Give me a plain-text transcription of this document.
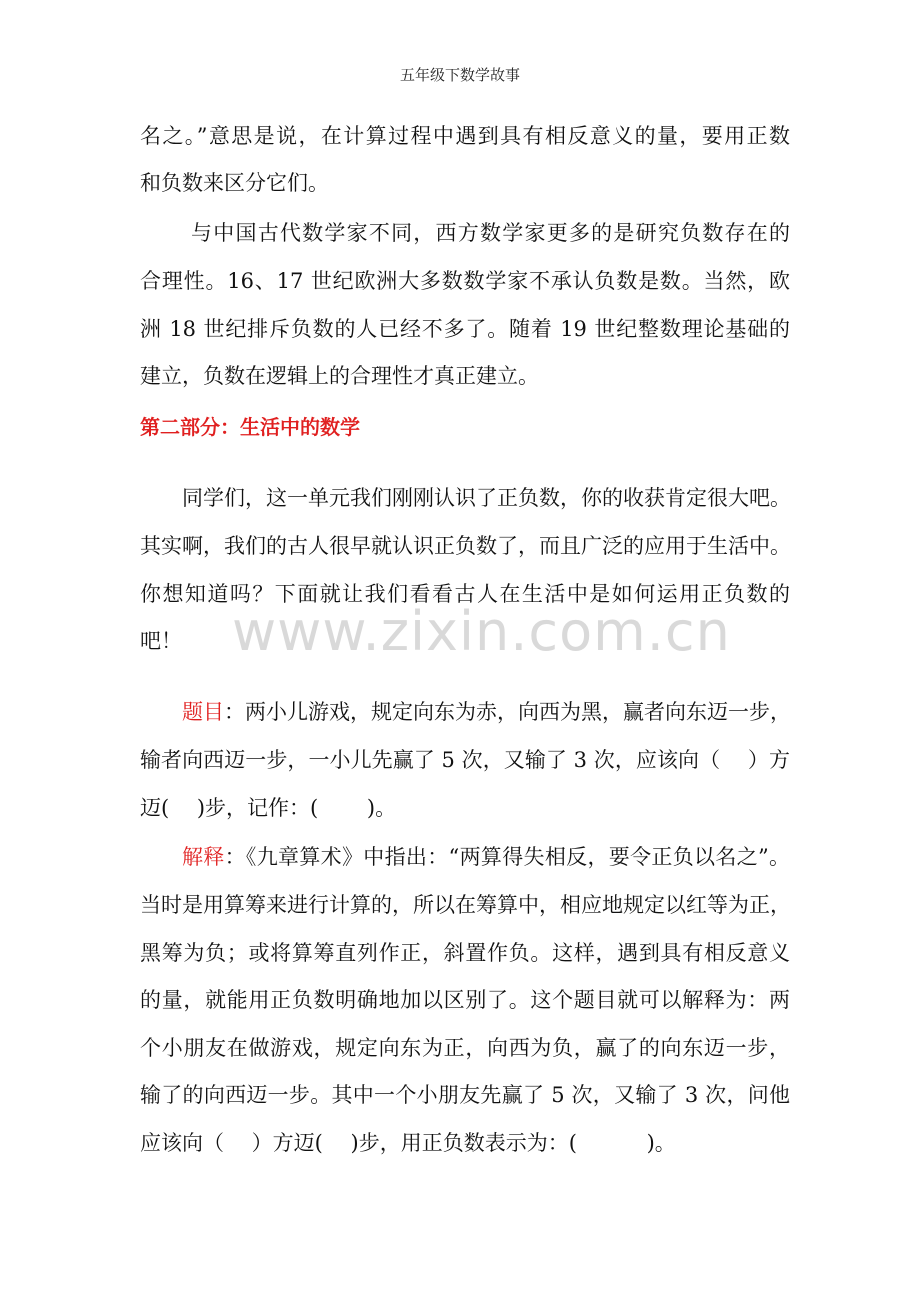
五年级下数学故事
名之。”意思是说，在计算过程中遇到具有相反意义的量，要用正数
和负数来区分它们。
与中国古代数学家不同，西方数学家更多的是研究负数存在的
合理性。16、17 世纪欧洲大多数数学家不承认负数是数。当然，欧
洲 18 世纪排斥负数的人已经不多了。随着 19 世纪整数理论基础的
建立，负数在逻辑上的合理性才真正建立。
第二部分：生活中的数学
同学们，这一单元我们刚刚认识了正负数，你的收获肯定很大吧。
其实啊，我们的古人很早就认识正负数了，而且广泛的应用于生活中。
你想知道吗？下面就让我们看看古人在生活中是如何运用正负数的
吧！
题目：两小儿游戏，规定向东为赤，向西为黑，赢者向东迈一步，
输者向西迈一步，一小儿先赢了 5 次，又输了 3 次，应该向（　 ）方
迈(　 )步，记作：(　　 )。
解释：《九章算术》中指出：“两算得失相反，要令正负以名之”。
当时是用算筹来进行计算的，所以在筹算中，相应地规定以红等为正，
黑筹为负；或将算筹直列作正，斜置作负。这样，遇到具有相反意义
的量，就能用正负数明确地加以区别了。这个题目就可以解释为：两
个小朋友在做游戏，规定向东为正，向西为负，赢了的向东迈一步，
输了的向西迈一步。其中一个小朋友先赢了 5 次，又输了 3 次，问他
应该向（　 ）方迈(　 )步，用正负数表示为：(　　　 )。
www.zixin.com.cn
